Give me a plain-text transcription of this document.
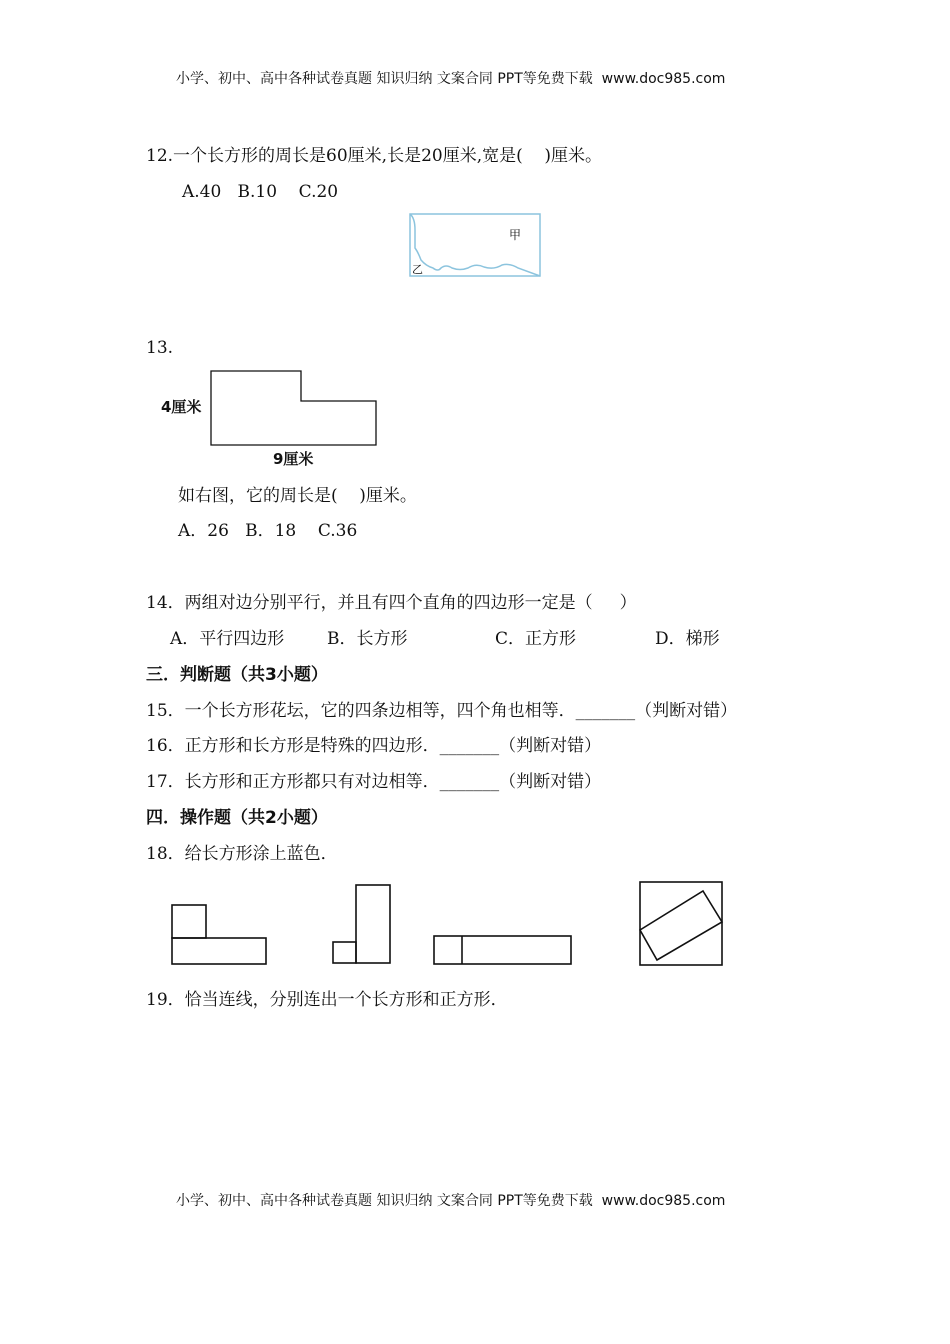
小学、初中、高中各种试卷真题 知识归纳 文案合同 PPT等免费下载  www.doc985.com
12.一个长方形的周长是60厘米,长是20厘米,宽是(    )厘米。
A.40   B.10    C.20
甲
乙
13.
4厘米
9厘米
如右图，它的周长是(    )厘米。
A．26   B．18    C.36
14．两组对边分别平行，并且有四个直角的四边形一定是（     ）
A．平行四边形	B．长方形	C．正方形	D．梯形
三．判断题（共3小题）
15．一个长方形花坛，它的四条边相等，四个角也相等．_______（判断对错）
16．正方形和长方形是特殊的四边形．_______（判断对错）
17．长方形和正方形都只有对边相等．_______（判断对错）
四．操作题（共2小题）
18．给长方形涂上蓝色．
19．恰当连线，分别连出一个长方形和正方形．
小学、初中、高中各种试卷真题 知识归纳 文案合同 PPT等免费下载  www.doc985.com
